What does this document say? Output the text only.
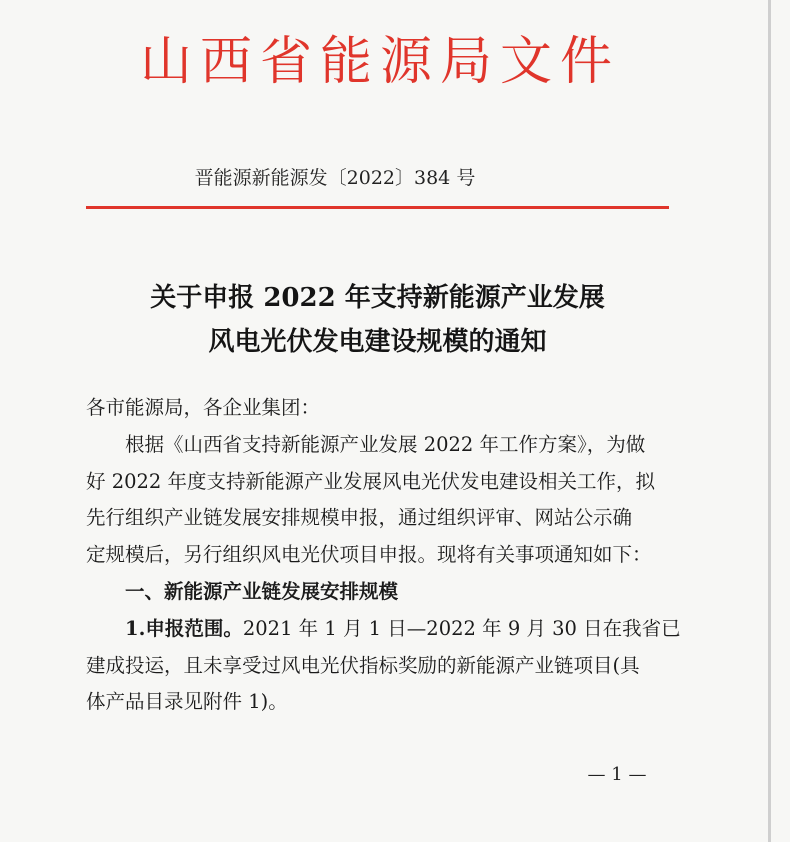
山西省能源局文件
晋能源新能源发〔2022〕384 号
关于申报 2022 年支持新能源产业发展
风电光伏发电建设规模的通知

各市能源局，各企业集团：

根据《山西省支持新能源产业发展 2022 年工作方案》，为做

好 2022 年度支持新能源产业发展风电光伏发电建设相关工作，拟

先行组织产业链发展安排规模申报，通过组织评审、网站公示确

定规模后，另行组织风电光伏项目申报。现将有关事项通知如下：

一、新能源产业链发展安排规模

1.申报范围。2021 年 1 月 1 日—2022 年 9 月 30 日在我省已

建成投运，且未享受过风电光伏指标奖励的新能源产业链项目(具

体产品目录见附件 1)。

— 1 —
